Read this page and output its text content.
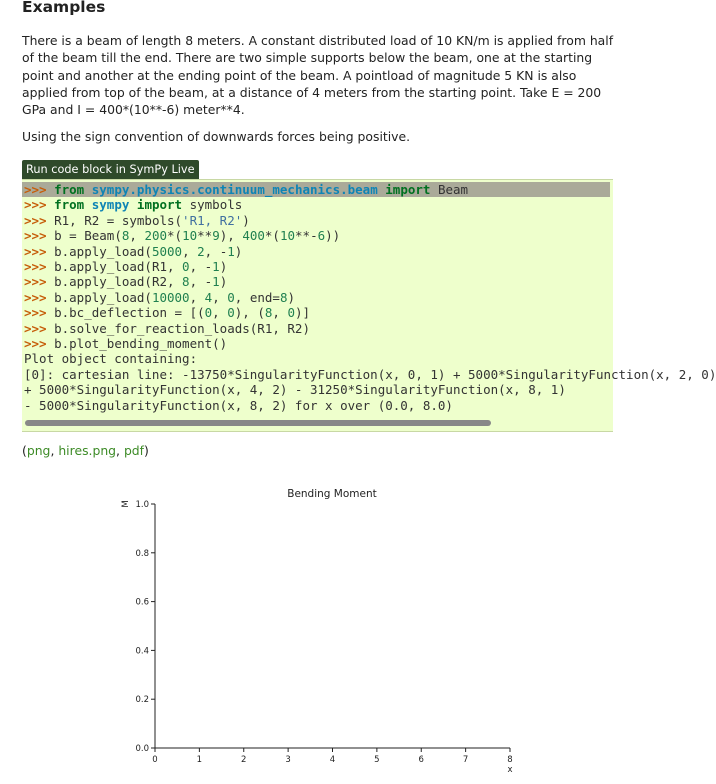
Examples

There is a beam of length 8 meters. A constant distributed load of 10 KN/m is applied from half of the beam till the end. There are two simple supports below the beam, one at the starting point and another at the ending point of the beam. A pointload of magnitude 5 KN is also applied from top of the beam, at a distance of 4 meters from the starting point. Take E = 200 GPa and I = 400*(10**-6) meter**4.

Using the sign convention of downwards forces being positive.

Run code block in SymPy Live
>>> from sympy.physics.continuum_mechanics.beam import Beam
>>> from sympy import symbols
>>> R1, R2 = symbols('R1, R2')
>>> b = Beam(8, 200*(10**9), 400*(10**-6))
>>> b.apply_load(5000, 2, -1)
>>> b.apply_load(R1, 0, -1)
>>> b.apply_load(R2, 8, -1)
>>> b.apply_load(10000, 4, 0, end=8)
>>> b.bc_deflection = [(0, 0), (8, 0)]
>>> b.solve_for_reaction_loads(R1, R2)
>>> b.plot_bending_moment()
Plot object containing:
[0]: cartesian line: -13750*SingularityFunction(x, 0, 1) + 5000*SingularityFunction(x, 2, 0)
+ 5000*SingularityFunction(x, 4, 2) - 31250*SingularityFunction(x, 8, 1)
- 5000*SingularityFunction(x, 8, 2) for x over (0.0, 8.0)
(png, hires.png, pdf)
Bending Moment
0	1	2	3	4	5	6	7	8
0.0
0.2
0.4
0.6
0.8
1.0
x
M
